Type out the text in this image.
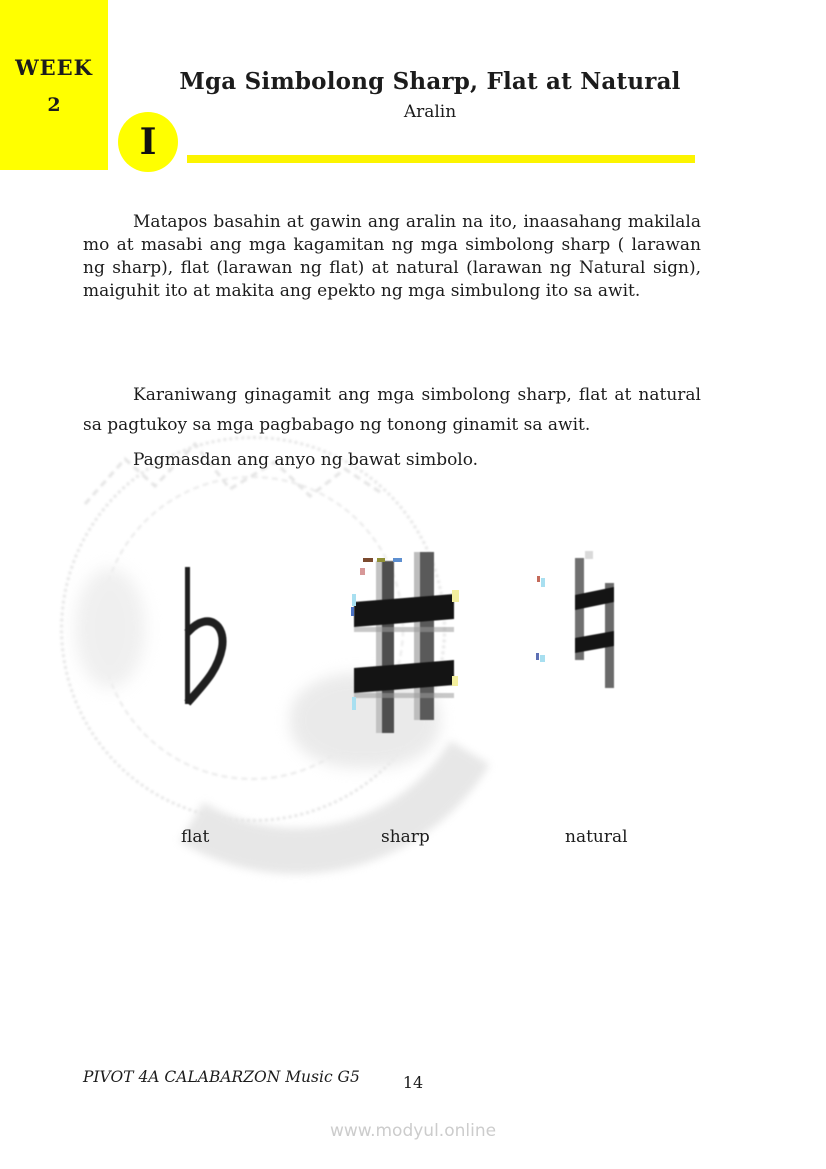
WEEK
2
Mga Simbolong Sharp, Flat at Natural
Aralin
I

Matapos basahin at gawin ang aralin na ito, inaasahang makilala mo at masabi ang mga kagamitan ng mga simbolong sharp ( larawan ng sharp), flat (larawan ng flat) at natural (larawan ng Natural sign), maiguhit ito at makita ang epekto ng mga simbulong ito sa awit.

Karaniwang ginagamit ang mga simbolong sharp, flat at natural sa pagtukoy sa mga pagbabago ng tonong ginamit sa awit.

Pagmasdan ang anyo ng bawat simbolo.

flat	sharp	natural
PIVOT 4A CALABARZON Music G5	14
www.modyul.online
